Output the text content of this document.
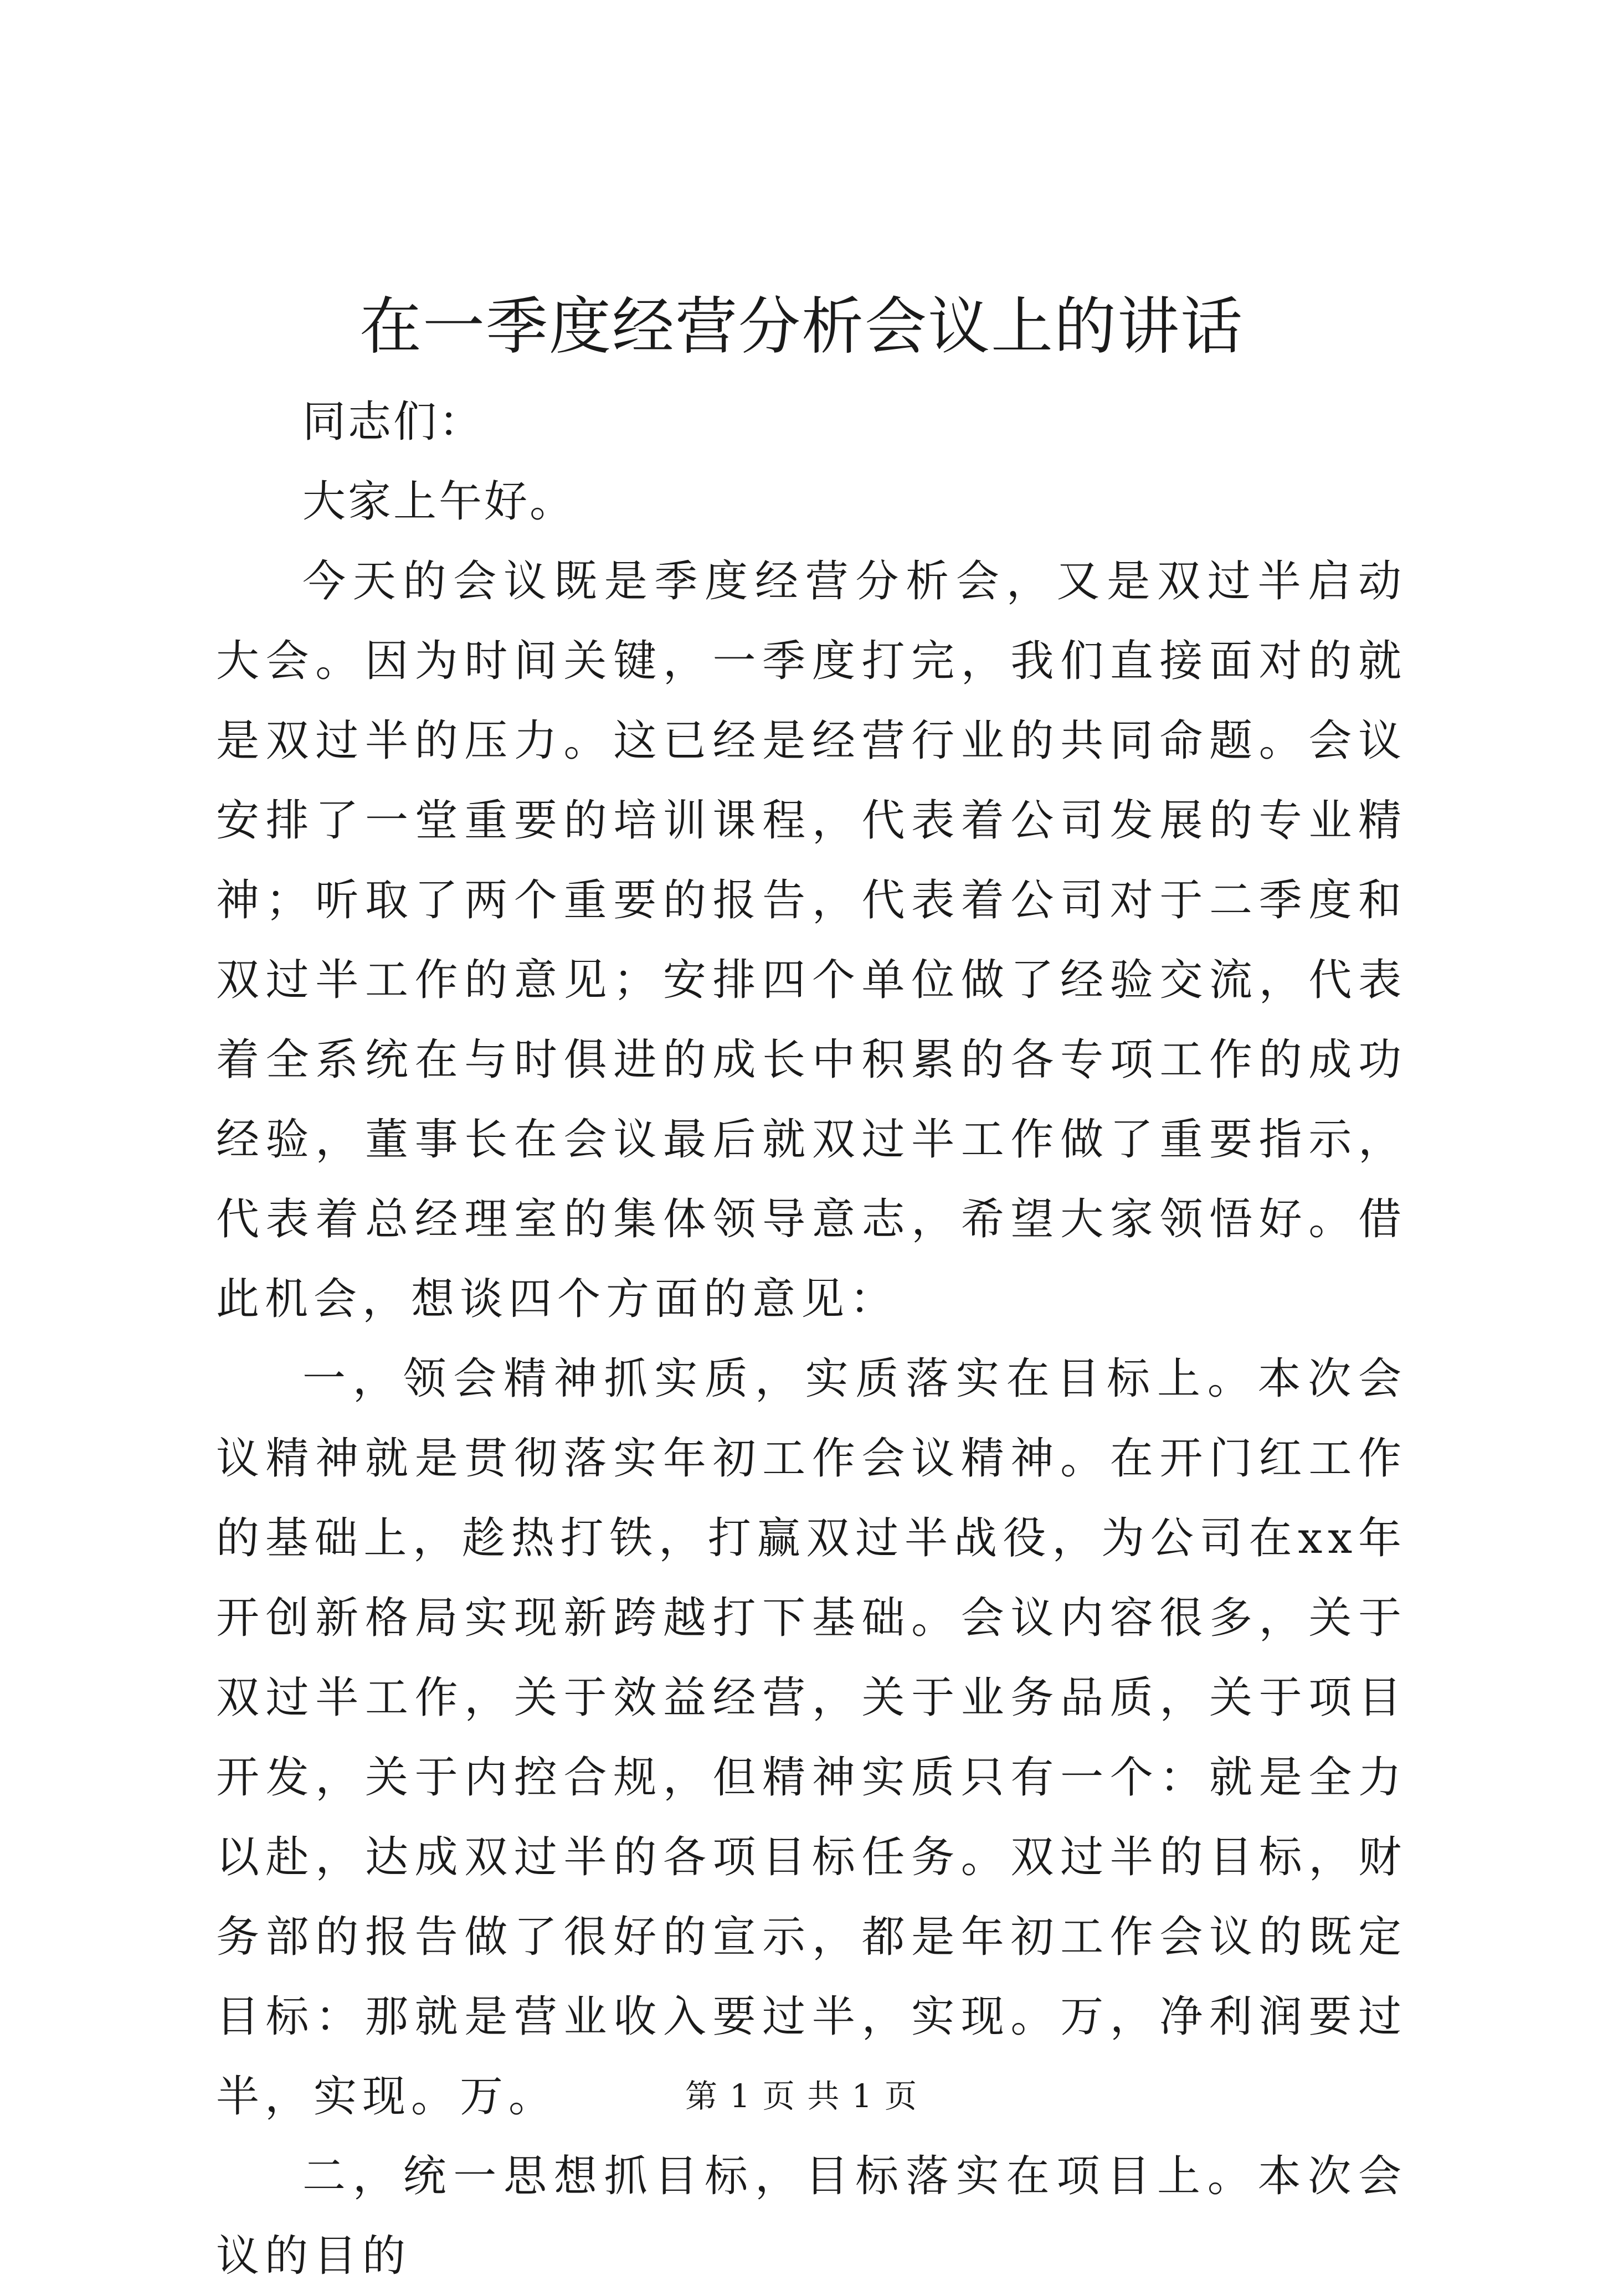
在一季度经营分析会议上的讲话

同志们：

大家上午好。

今天的会议既是季度经营分析会，又是双过半启动大会。因为时间关键，一季度打完，我们直接面对的就是双过半的压力。这已经是经营行业的共同命题。会议安排了一堂重要的培训课程，代表着公司发展的专业精神；听取了两个重要的报告，代表着公司对于二季度和双过半工作的意见；安排四个单位做了经验交流，代表着全系统在与时俱进的成长中积累的各专项工作的成功经验，董事长在会议最后就双过半工作做了重要指示，代表着总经理室的集体领导意志，希望大家领悟好。借此机会，想谈四个方面的意见：

一，领会精神抓实质，实质落实在目标上。本次会议精神就是贯彻落实年初工作会议精神。在开门红工作的基础上，趁热打铁，打赢双过半战役，为公司在xx年开创新格局实现新跨越打下基础。会议内容很多，关于双过半工作，关于效益经营，关于业务品质，关于项目开发，关于内控合规，但精神实质只有一个：就是全力以赴，达成双过半的各项目标任务。双过半的目标，财务部的报告做了很好的宣示，都是年初工作会议的既定目标：那就是营业收入要过半，实现。万，净利润要过半，实现。万。

二，统一思想抓目标，目标落实在项目上。本次会议的目的

第 1 页 共 1 页
